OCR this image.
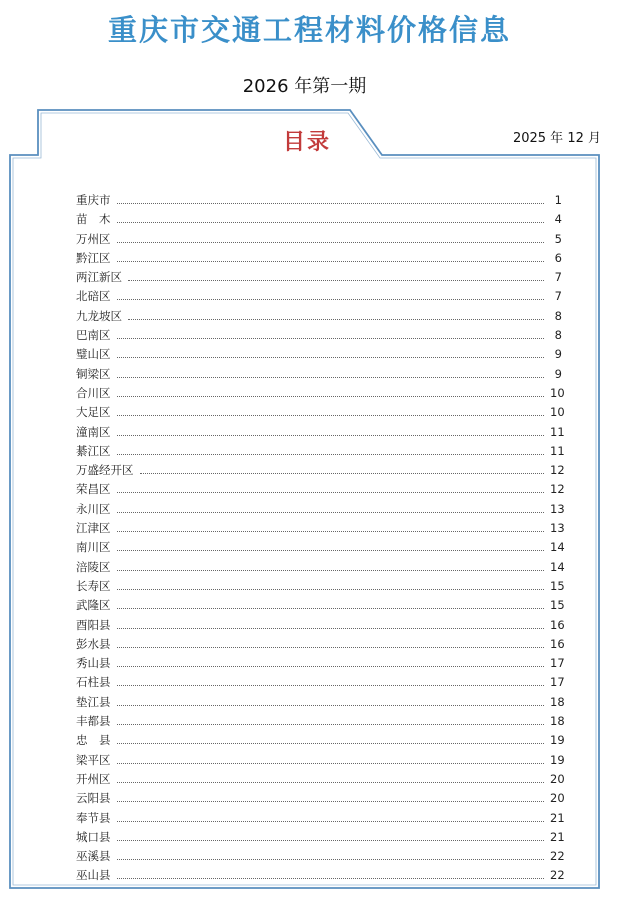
重庆市交通工程材料价格信息
2026 年第一期
2025 年 12 月
目录
重庆市	1
苗　木	4
万州区	5
黔江区	6
两江新区	7
北碚区	7
九龙坡区	8
巴南区	8
璧山区	9
铜梁区	9
合川区	10
大足区	10
潼南区	11
綦江区	11
万盛经开区	12
荣昌区	12
永川区	13
江津区	13
南川区	14
涪陵区	14
长寿区	15
武隆区	15
酉阳县	16
彭水县	16
秀山县	17
石柱县	17
垫江县	18
丰都县	18
忠　县	19
梁平区	19
开州区	20
云阳县	20
奉节县	21
城口县	21
巫溪县	22
巫山县	22
